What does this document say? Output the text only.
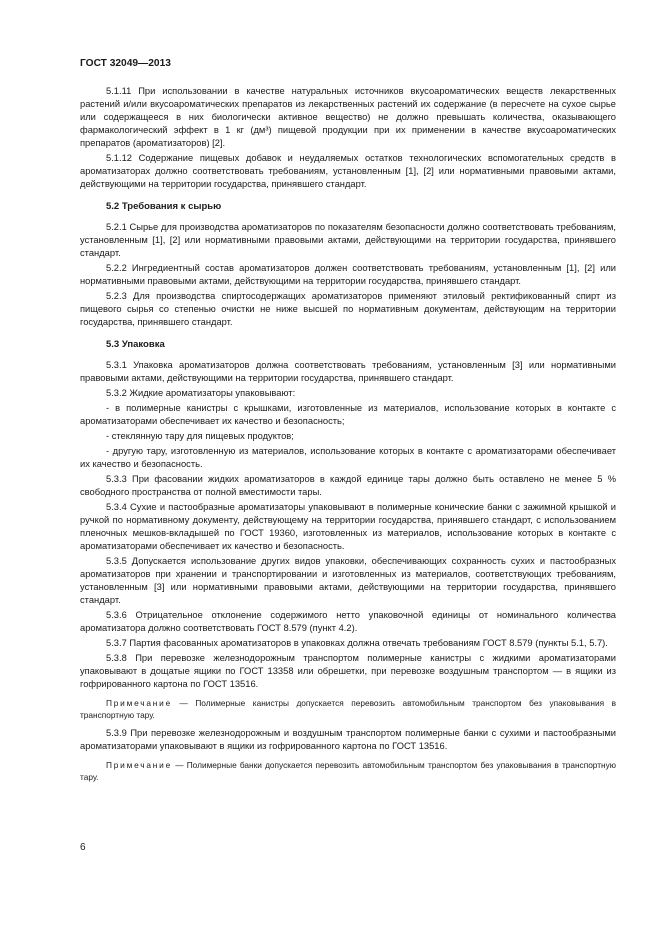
ГОСТ 32049—2013
5.1.11 При использовании в качестве натуральных источников вкусоароматических веществ лекарственных растений и/или вкусоароматических препаратов из лекарственных растений их содержание (в пересчете на сухое сырье или содержащееся в них биологически активное вещество) не должно превышать количества, оказывающего фармакологический эффект в 1 кг (дм³) пищевой продукции при их применении в качестве вкусоароматических препаратов (ароматизаторов) [2].
5.1.12 Содержание пищевых добавок и неудаляемых остатков технологических вспомогательных средств в ароматизаторах должно соответствовать требованиям, установленным [1], [2] или нормативными правовыми актами, действующими на территории государства, принявшего стандарт.
5.2 Требования к сырью
5.2.1 Сырье для производства ароматизаторов по показателям безопасности должно соответствовать требованиям, установленным [1], [2] или нормативными правовыми актами, действующими на территории государства, принявшего стандарт.
5.2.2 Ингредиентный состав ароматизаторов должен соответствовать требованиям, установленным [1], [2] или нормативными правовыми актами, действующими на территории государства, принявшего стандарт.
5.2.3 Для производства спиртосодержащих ароматизаторов применяют этиловый ректификованный спирт из пищевого сырья со степенью очистки не ниже высшей по нормативным документам, действующим на территории государства, принявшего стандарт.
5.3 Упаковка
5.3.1 Упаковка ароматизаторов должна соответствовать требованиям, установленным [3] или нормативными правовыми актами, действующими на территории государства, принявшего стандарт.
5.3.2 Жидкие ароматизаторы упаковывают:
- в полимерные канистры с крышками, изготовленные из материалов, использование которых в контакте с ароматизаторами обеспечивает их качество и безопасность;
- стеклянную тару для пищевых продуктов;
- другую тару, изготовленную из материалов, использование которых в контакте с ароматизаторами обеспечивает их качество и безопасность.
5.3.3 При фасовании жидких ароматизаторов в каждой единице тары должно быть оставлено не менее 5 % свободного пространства от полной вместимости тары.
5.3.4 Сухие и пастообразные ароматизаторы упаковывают в полимерные конические банки с зажимной крышкой и ручкой по нормативному документу, действующему на территории государства, принявшего стандарт, с использованием пленочных мешков-вкладышей по ГОСТ 19360, изготовленных из материалов, использование которых в контакте с ароматизаторами обеспечивает их качество и безопасность.
5.3.5 Допускается использование других видов упаковки, обеспечивающих сохранность сухих и пастообразных ароматизаторов при хранении и транспортировании и изготовленных из материалов, соответствующих требованиям, установленным [3] или нормативными правовыми актами, действующими на территории государства, принявшего стандарт.
5.3.6 Отрицательное отклонение содержимого нетто упаковочной единицы от номинального количества ароматизатора должно соответствовать ГОСТ 8.579 (пункт 4.2).
5.3.7 Партия фасованных ароматизаторов в упаковках должна отвечать требованиям ГОСТ 8.579 (пункты 5.1, 5.7).
5.3.8 При перевозке железнодорожным транспортом полимерные канистры с жидкими ароматизаторами упаковывают в дощатые ящики по ГОСТ 13358 или обрешетки, при перевозке воздушным транспортом — в ящики из гофрированного картона по ГОСТ 13516.
Примечание — Полимерные канистры допускается перевозить автомобильным транспортом без упаковывания в транспортную тару.
5.3.9 При перевозке железнодорожным и воздушным транспортом полимерные банки с сухими и пастообразными ароматизаторами упаковывают в ящики из гофрированного картона по ГОСТ 13516.
Примечание — Полимерные банки допускается перевозить автомобильным транспортом без упаковывания в транспортную тару.
6
